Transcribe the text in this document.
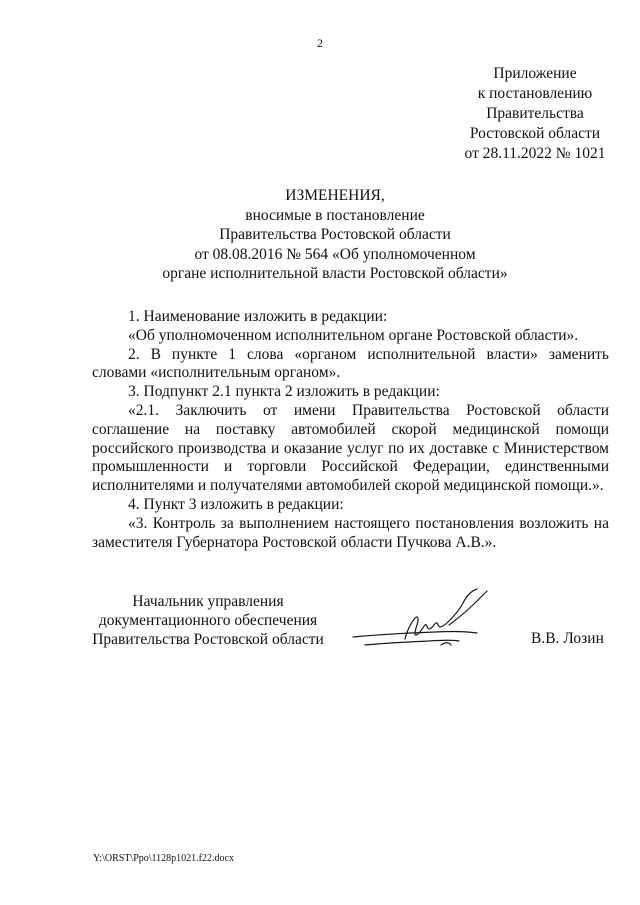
2
Приложение
к постановлению
Правительства
Ростовской области
от 28.11.2022 № 1021
ИЗМЕНЕНИЯ,
вносимые в постановление
Правительства Ростовской области
от 08.08.2016 № 564 «Об уполномоченном
органе исполнительной власти Ростовской области»

1. Наименование изложить в редакции:

«Об уполномоченном исполнительном органе Ростовской области».

2. В пункте 1 слова «органом исполнительной власти» заменить словами «исполнительным органом».

3. Подпункт 2.1 пункта 2 изложить в редакции:

«2.1. Заключить от имени Правительства Ростовской области соглашение на поставку автомобилей скорой медицинской помощи российского производства и оказание услуг по их доставке с Министерством промышленности и торговли Российской Федерации, единственными исполнителями и получателями автомобилей скорой медицинской помощи.».

4. Пункт 3 изложить в редакции:

«3. Контроль за выполнением настоящего постановления возложить на заместителя Губернатора Ростовской области Пучкова А.В.».

Начальник управления
документационного обеспечения
Правительства Ростовской области	В.В. Лозин
Y:\ORST\Ppo\1128p1021.f22.docx
